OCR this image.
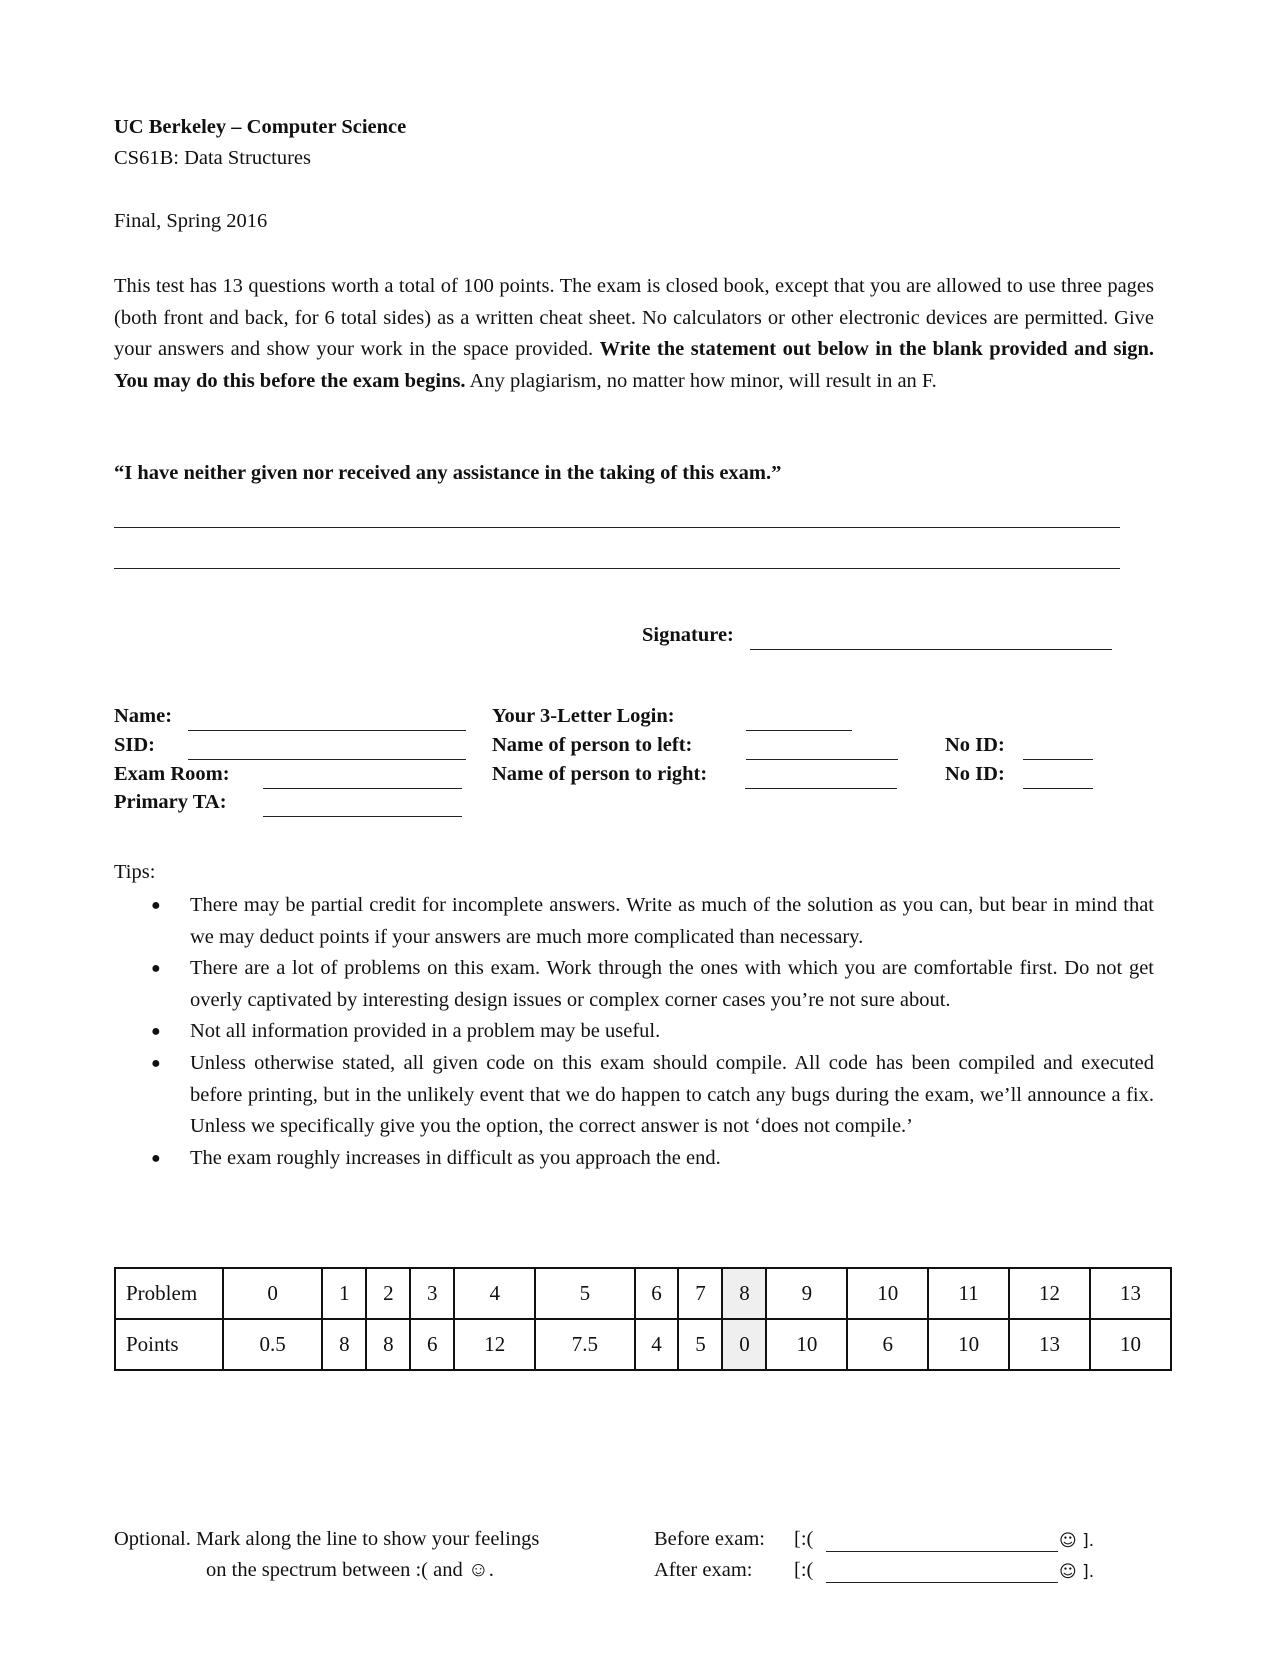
UC Berkeley – Computer Science
CS61B: Data Structures
Final, Spring 2016

This test has 13 questions worth a total of 100 points. The exam is closed book, except that you are allowed to use three pages (both front and back, for 6 total sides) as a written cheat sheet. No calculators or other electronic devices are permitted. Give your answers and show your work in the space provided. Write the statement out below in the blank provided and sign. You may do this before the exam begins. Any plagiarism, no matter how minor, will result in an F.

“I have neither given nor received any assistance in the taking of this exam.”
Signature:
Name:	Your 3-Letter Login:
SID:	Name of person to left:	No ID:
Exam Room:	Name of person to right:	No ID:
Primary TA:
Tips:
● There may be partial credit for incomplete answers. Write as much of the solution as you can, but bear in mind that we may deduct points if your answers are much more complicated than necessary.
● There are a lot of problems on this exam. Work through the ones with which you are comfortable first. Do not get overly captivated by interesting design issues or complex corner cases you’re not sure about.
● Not all information provided in a problem may be useful.
● Unless otherwise stated, all given code on this exam should compile. All code has been compiled and executed before printing, but in the unlikely event that we do happen to catch any bugs during the exam, we’ll announce a fix. Unless we specifically give you the option, the correct answer is not ‘does not compile.’
● The exam roughly increases in difficult as you approach the end.
Problem	0	1	2	3	4	5	6	7	8	9	10	11	12	13
Points	0.5	8	8	6	12	7.5	4	5	0	10	6	10	13	10
Optional. Mark along the line to show your feelings
on the spectrum between :( and ☺.
Before exam: [:(	☺ ].
After exam: [:(	☺ ].
